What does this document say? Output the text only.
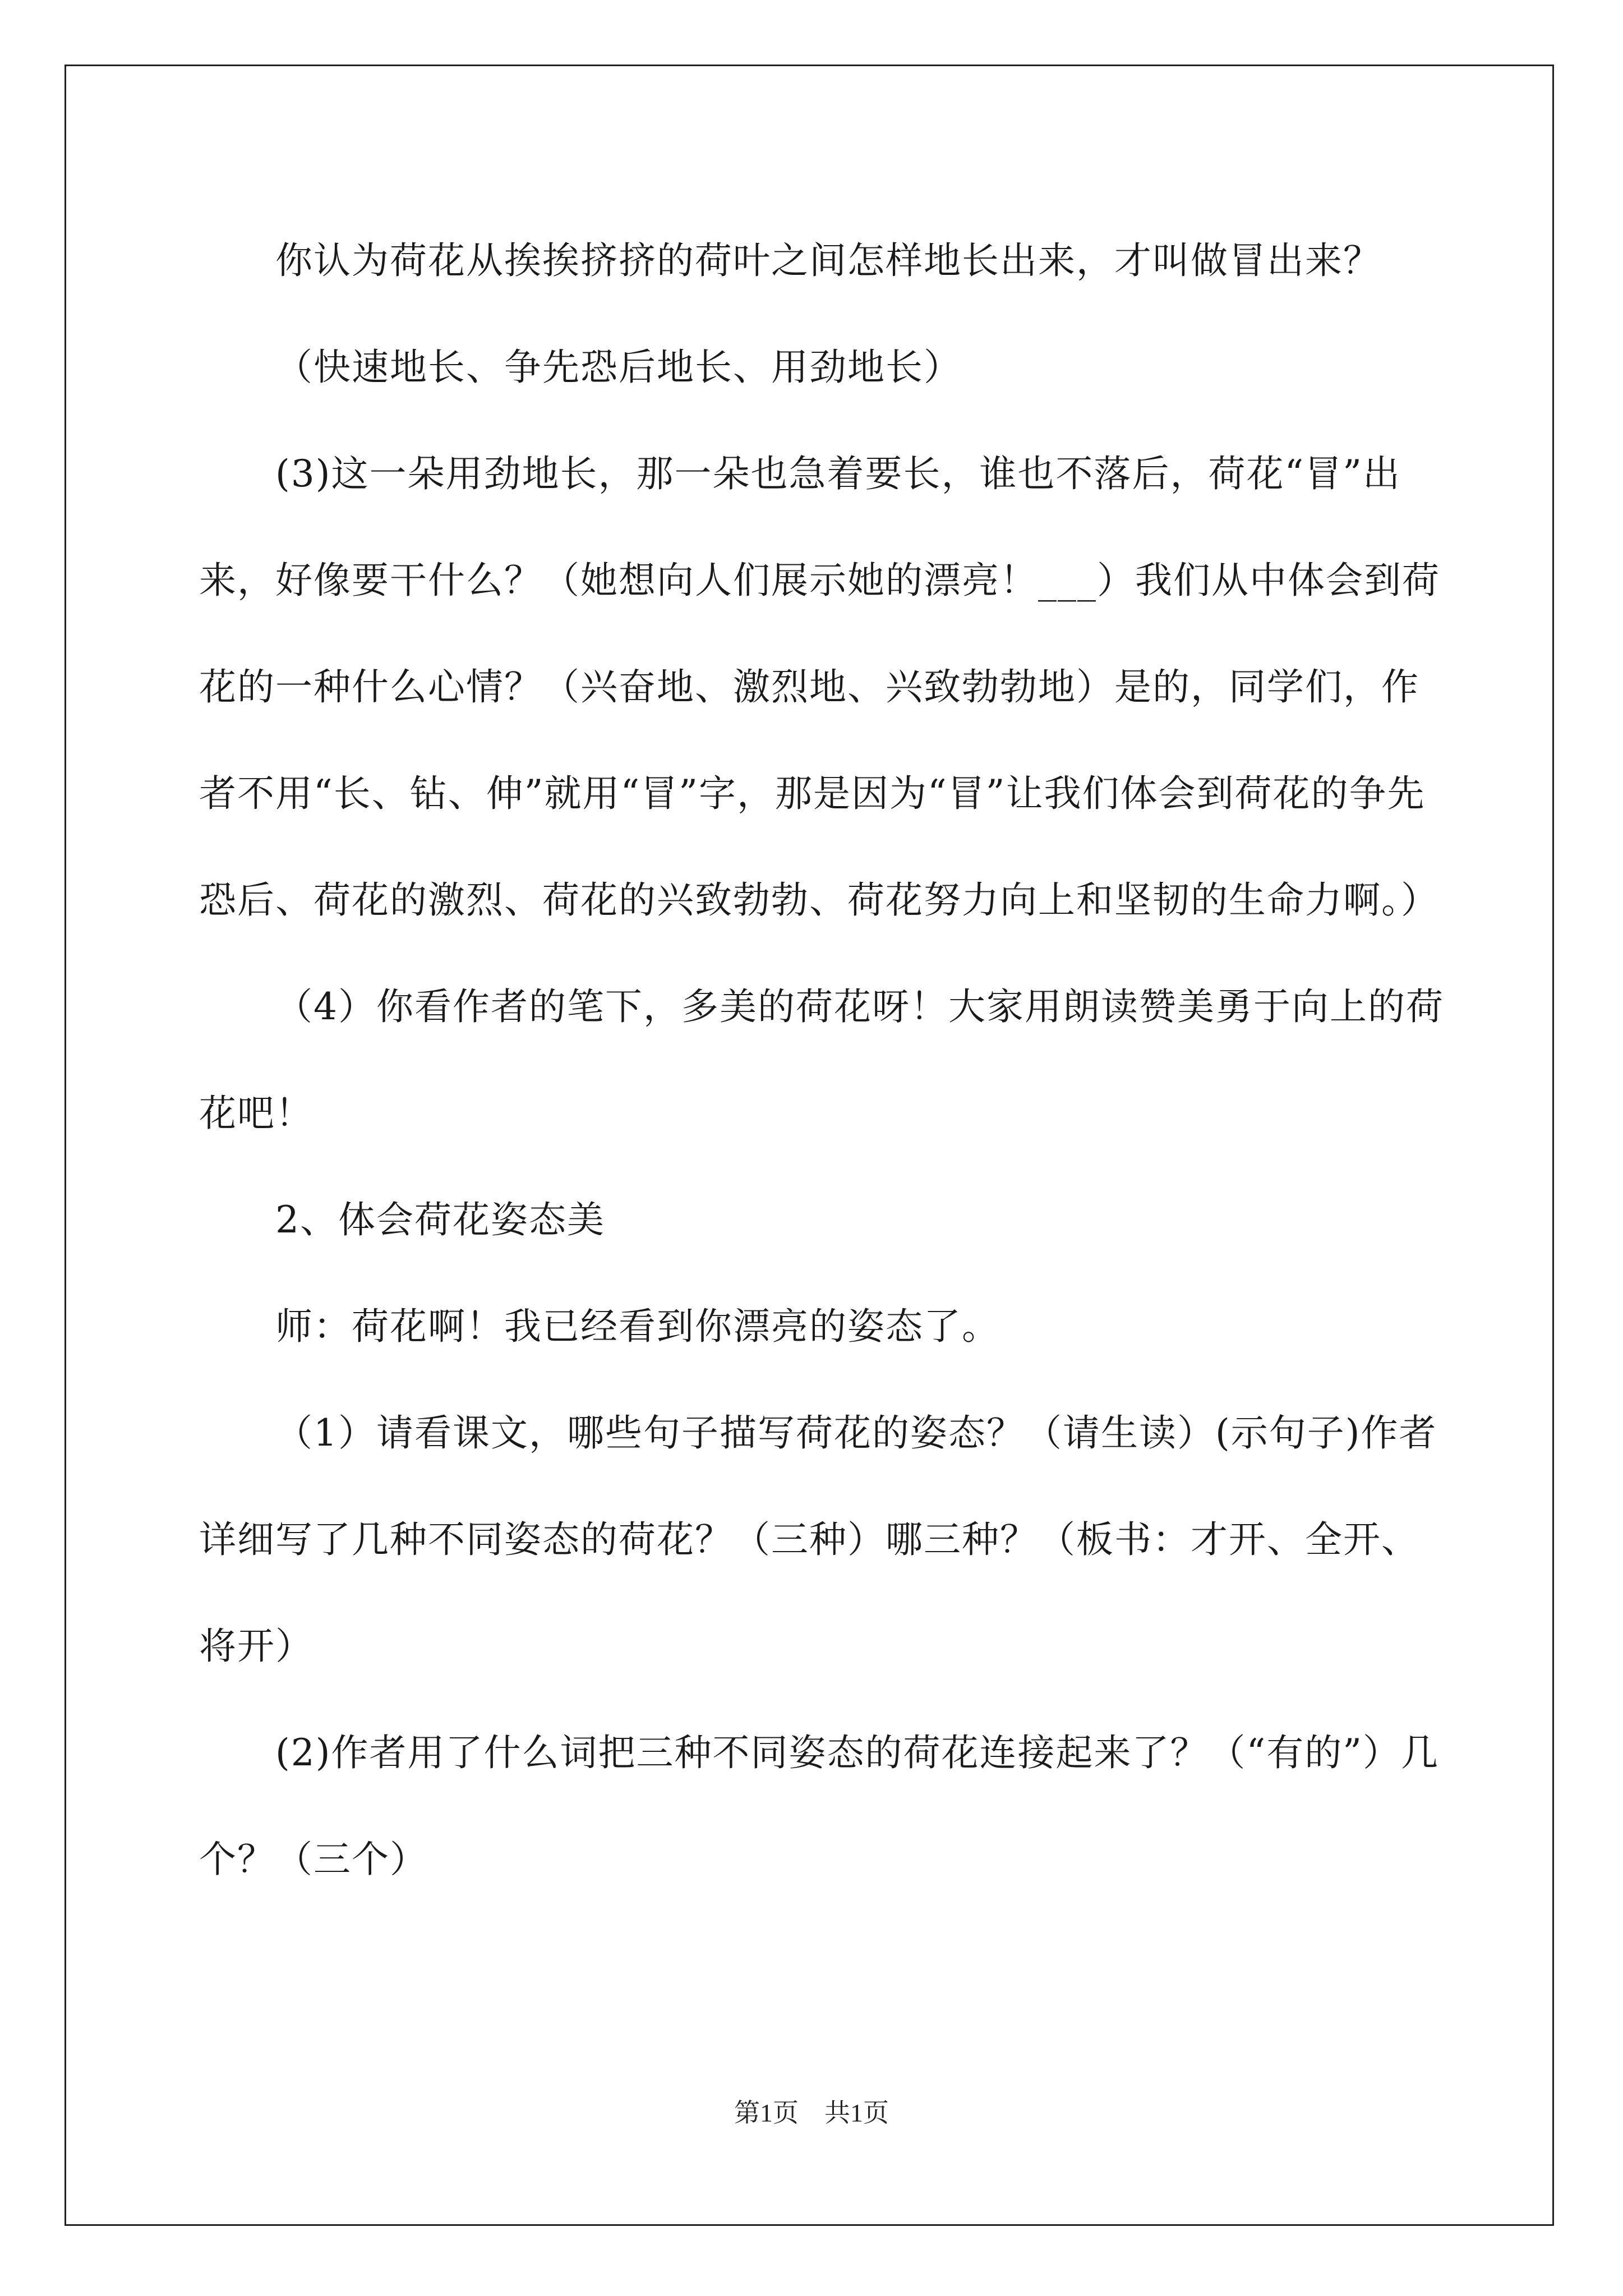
你认为荷花从挨挨挤挤的荷叶之间怎样地长出来，才叫做冒出来？

（快速地长、争先恐后地长、用劲地长）

(3)这一朵用劲地长，那一朵也急着要长，谁也不落后，荷花“冒”出来，好像要干什么？（她想向人们展示她的漂亮！___）我们从中体会到荷花的一种什么心情？（兴奋地、激烈地、兴致勃勃地）是的，同学们，作者不用“长、钻、伸”就用“冒”字，那是因为“冒”让我们体会到荷花的争先恐后、荷花的激烈、荷花的兴致勃勃、荷花努力向上和坚韧的生命力啊。）

（4）你看作者的笔下，多美的荷花呀！大家用朗读赞美勇于向上的荷花吧！

2、体会荷花姿态美

师：荷花啊！我已经看到你漂亮的姿态了。

（1）请看课文，哪些句子描写荷花的姿态？（请生读）(示句子)作者详细写了几种不同姿态的荷花？（三种）哪三种？（板书：才开、全开、将开）

(2)作者用了什么词把三种不同姿态的荷花连接起来了？（“有的”）几个？（三个）

第1页　共1页
